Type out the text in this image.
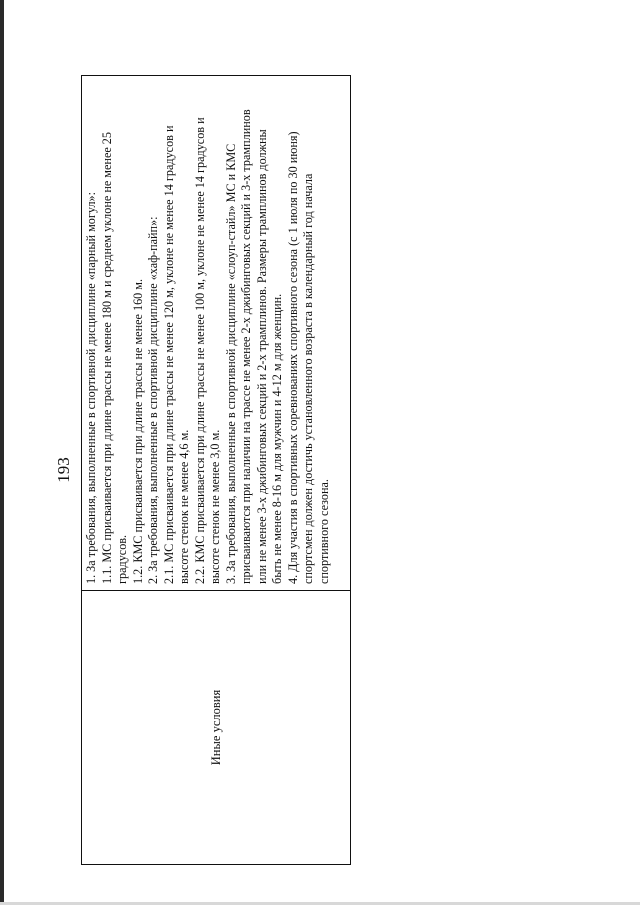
193
Иные условия
1. За требования, выполненные в спортивной дисциплине «парный могул»: 1.1. МС присваивается при длине трассы не менее 180 м и среднем уклоне не менее 25 градусов. 1.2. КМС присваивается при длине трассы не менее 160 м. 2. За требования, выполненные в спортивной дисциплине «хаф-пайп»: 2.1. МС присваивается при длине трассы не менее 120 м, уклоне не менее 14 градусов и высоте стенок не менее 4,6 м. 2.2. КМС присваивается при длине трассы не менее 100 м, уклоне не менее 14 градусов и высоте стенок не менее 3,0 м. 3. За требования, выполненные в спортивной дисциплине «слоуп-стайл» МС и КМС присваиваются при наличии на трассе не менее 2-х джибинговых секций и 3-х трамплинов или не менее 3-х джибинговых секций и 2-х трамплинов. Размеры трамплинов должны быть не менее 8-16 м для мужчин и 4-12 м для женщин. 4. Для участия в спортивных соревнованиях спортивного сезона (с 1 июля по 30 июня) спортсмен должен достичь установленного возраста в календарный год начала спортивного сезона.
